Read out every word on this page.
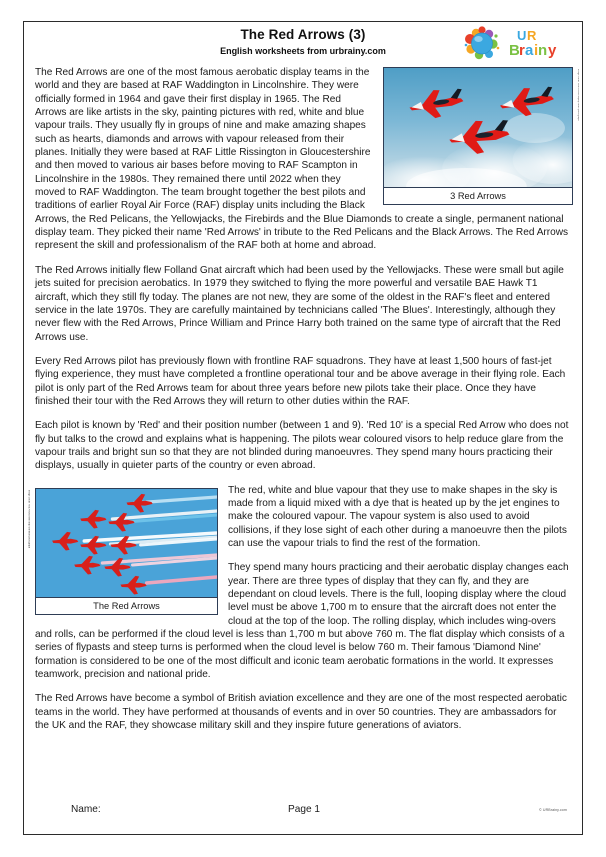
The Red Arrows (3)
English worksheets from urbrainy.com
U R
B r a i n y
3 Red Arrows
Image credit: Red Arrows display team photograph

The Red Arrows are one of the most famous aerobatic display teams in the world and they are based at RAF Waddington in Lincolnshire. They were officially formed in 1964 and gave their first display in 1965. The Red Arrows are like artists in the sky, painting pictures with red, white and blue vapour trails. They usually fly in groups of nine and make amazing shapes such as hearts, diamonds and arrows with vapour released from their planes. Initially they were based at RAF Little Rissington in Gloucestershire and then moved to various air bases before moving to RAF Scampton in Lincolnshire in the 1980s. They remained there until 2022 when they moved to RAF Waddington. The team brought together the best pilots and traditions of earlier Royal Air Force (RAF) display units including the Black Arrows, the Red Pelicans, the Yellowjacks, the Firebirds and the Blue Diamonds to create a single, permanent national display team. They picked their name 'Red Arrows' in tribute to the Red Pelicans and the Black Arrows. The Red Arrows represent the skill and professionalism of the RAF both at home and abroad.

The Red Arrows initially flew Folland Gnat aircraft which had been used by the Yellowjacks. These were small but agile jets suited for precision aerobatics. In 1979 they switched to flying the more powerful and versatile BAE Hawk T1 aircraft, which they still fly today. The planes are not new, they are some of the oldest in the RAF's fleet and entered service in the late 1970s. They are carefully maintained by technicians called 'The Blues'. Interestingly, although they never flew with the Red Arrows, Prince William and Prince Harry both trained on the same type of aircraft that the Red Arrows use.

Every Red Arrows pilot has previously flown with frontline RAF squadrons. They have at least 1,500 hours of fast-jet flying experience, they must have completed a frontline operational tour and be above average in their flying role. Each pilot is only part of the Red Arrows team for about three years before new pilots take their place. Once they have finished their tour with the Red Arrows they will return to other duties within the RAF.

Each pilot is known by 'Red' and their position number (between 1 and 9). 'Red 10' is a special Red Arrow who does not fly but talks to the crowd and explains what is happening. The pilots wear coloured visors to help reduce glare from the vapour trails and bright sun so that they are not blinded during manoeuvres. They spend many hours practicing their displays, usually in quieter parts of the country or even abroad.

The Red Arrows
Image credit: Red Arrows nine ship formation photograph	The red, white and blue vapour that they use to make shapes in the sky is made from a liquid mixed with a dye that is heated up by the jet engines to make the coloured vapour. The vapour system is also used to avoid collisions, if they lose sight of each other during a manoeuvre then the pilots can use the vapour trials to find the rest of the formation.

They spend many hours practicing and their aerobatic display changes each year. There are three types of display that they can fly, and they are dependant on cloud levels. There is the full, looping display where the cloud level must be above 1,700 m to ensure that the aircraft does not enter the cloud at the top of the loop. The rolling display, which includes wing-overs and rolls, can be performed if the cloud level is less than 1,700 m but above 760 m. The flat display which consists of a series of flypasts and steep turns is performed when the cloud level is below 760 m. Their famous 'Diamond Nine' formation is considered to be one of the most difficult and iconic team aerobatic formations in the world. It expresses teamwork, precision and national pride.

The Red Arrows have become a symbol of British aviation excellence and they are one of the most respected aerobatic teams in the world. They have performed at thousands of events and in over 50 countries. They are ambassadors for the UK and the RAF, they showcase military skill and they inspire future generations of aviators.

Name:	Page 1	© URBrainy.com
